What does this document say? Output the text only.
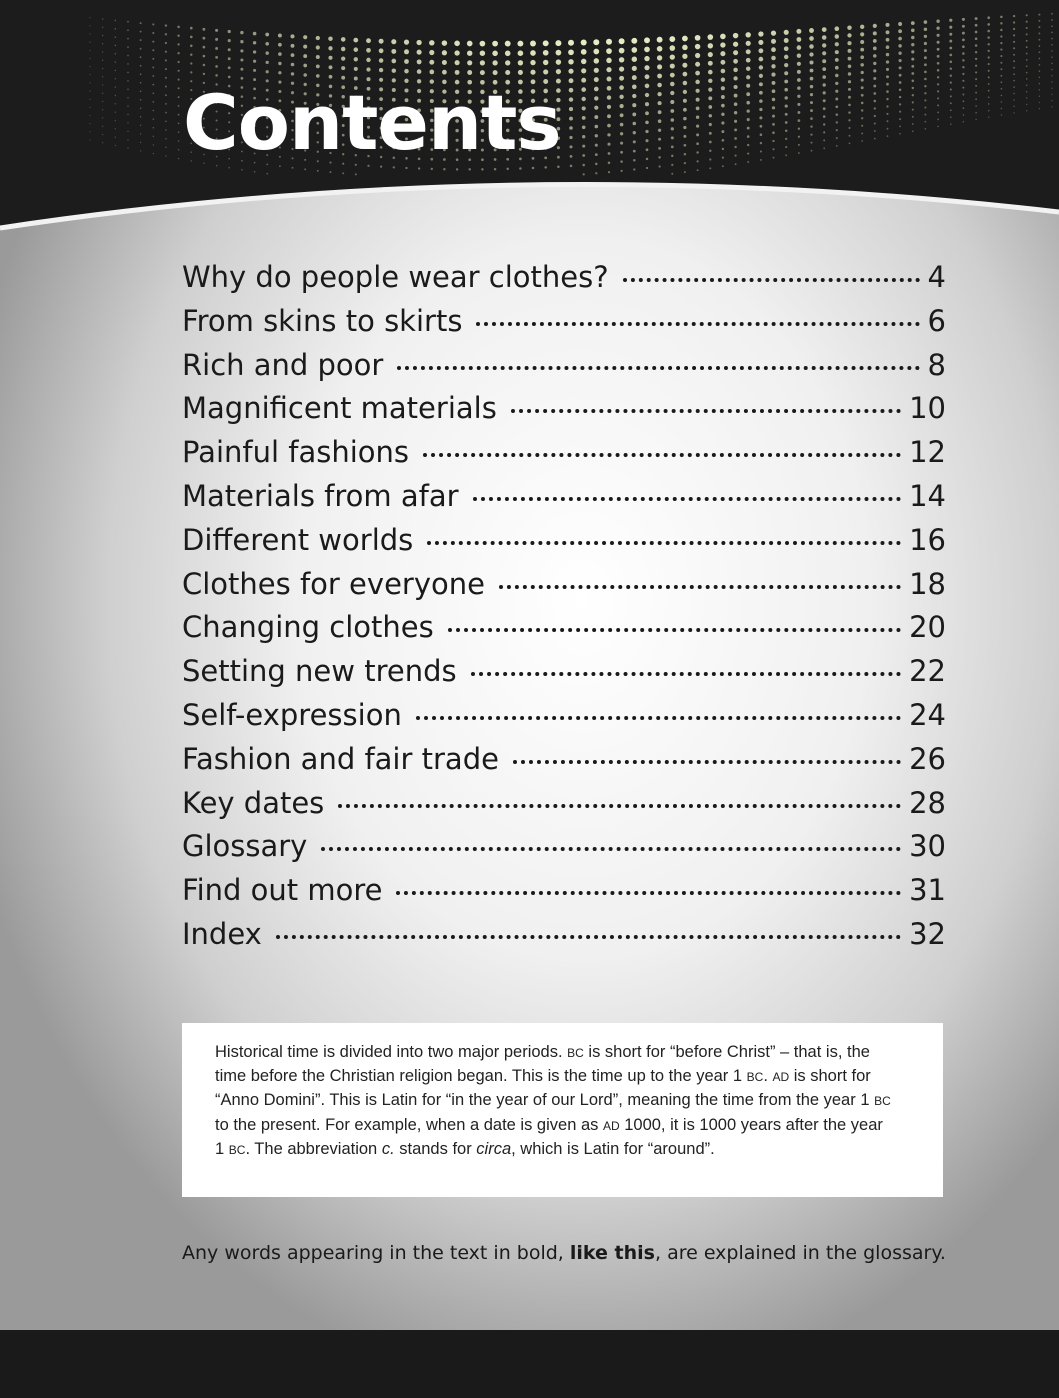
Contents
Why do people wear clothes?	4
From skins to skirts	6
Rich and poor	8
Magnificent materials	10
Painful fashions	12
Materials from afar	14
Different worlds	16
Clothes for everyone	18
Changing clothes	20
Setting new trends	22
Self-expression	24
Fashion and fair trade	26
Key dates	28
Glossary	30
Find out more	31
Index	32

Historical time is divided into two major periods. BC is short for “before Christ” – that is, the time before the Christian religion began. This is the time up to the year 1 BC. AD is short for “Anno Domini”. This is Latin for “in the year of our Lord”, meaning the time from the year 1 BC to the present. For example, when a date is given as AD 1000, it is 1000 years after the year 1 BC. The abbreviation c. stands for circa, which is Latin for “around”.

Any words appearing in the text in bold, like this, are explained in the glossary.
